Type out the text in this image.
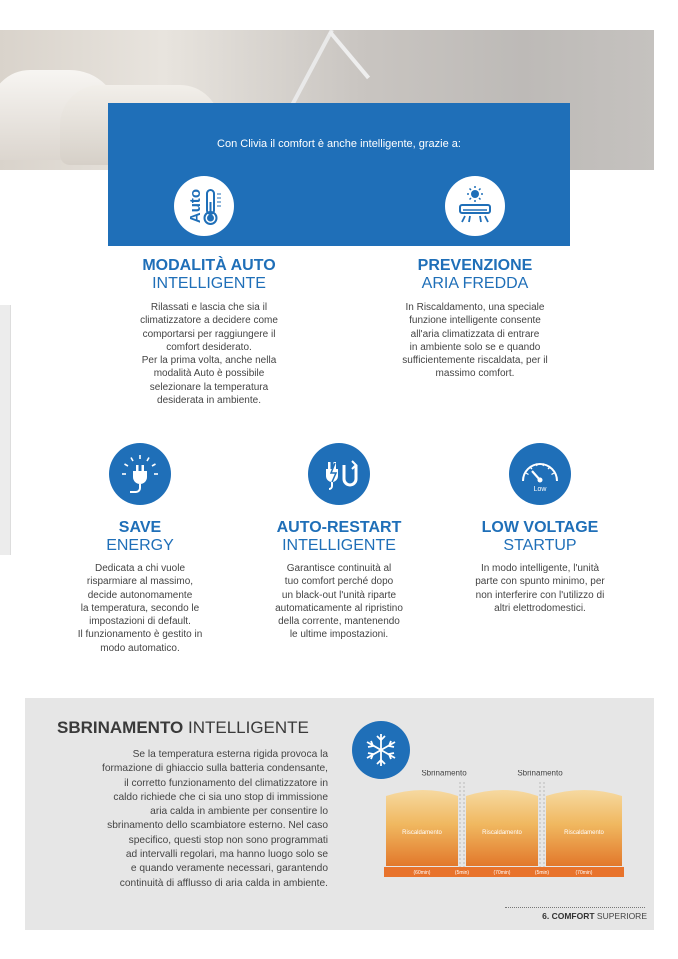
Con Clivia il comfort è anche intelligente, grazie a:
Auto
MODALITÀ AUTO
INTELLIGENTE
Rilassati e lascia che sia il
climatizzatore a decidere come
comportarsi per raggiungere il
comfort desiderato.
Per la prima volta, anche nella
modalità Auto è possibile
selezionare la temperatura
desiderata in ambiente.
PREVENZIONE
ARIA FREDDA
In Riscaldamento, una speciale
funzione intelligente consente
all'aria climatizzata di entrare
in ambiente solo se e quando
sufficientemente riscaldata, per il
massimo comfort.
Low
SAVE
ENERGY
Dedicata a chi vuole
risparmiare al massimo,
decide autonomamente
la temperatura, secondo le
impostazioni di default.
Il funzionamento è gestito in
modo automatico.
AUTO-RESTART
INTELLIGENTE
Garantisce continuità al
tuo comfort perché dopo
un black-out l'unità riparte
automaticamente al ripristino
della corrente, mantenendo
le ultime impostazioni.
LOW VOLTAGE
STARTUP
In modo intelligente, l'unità
parte con spunto minimo, per
non interferire con l'utilizzo di
altri elettrodomestici.
SBRINAMENTO INTELLIGENTE
Se la temperatura esterna rigida provoca la
formazione di ghiaccio sulla batteria condensante,
il corretto funzionamento del climatizzatore in
caldo richiede che ci sia uno stop di immissione
aria calda in ambiente per consentire lo
sbrinamento dello scambiatore esterno. Nel caso
specifico, questi stop non sono programmati
ad intervalli regolari, ma hanno luogo solo se
e quando veramente necessari, garantendo
continuità di afflusso di aria calda in ambiente.
Sbrinamento	Sbrinamento
Riscaldamento	Riscaldamento	Riscaldamento
(60min)	(5min)	(70min)	(5min)	(70min)
6. COMFORT SUPERIORE
